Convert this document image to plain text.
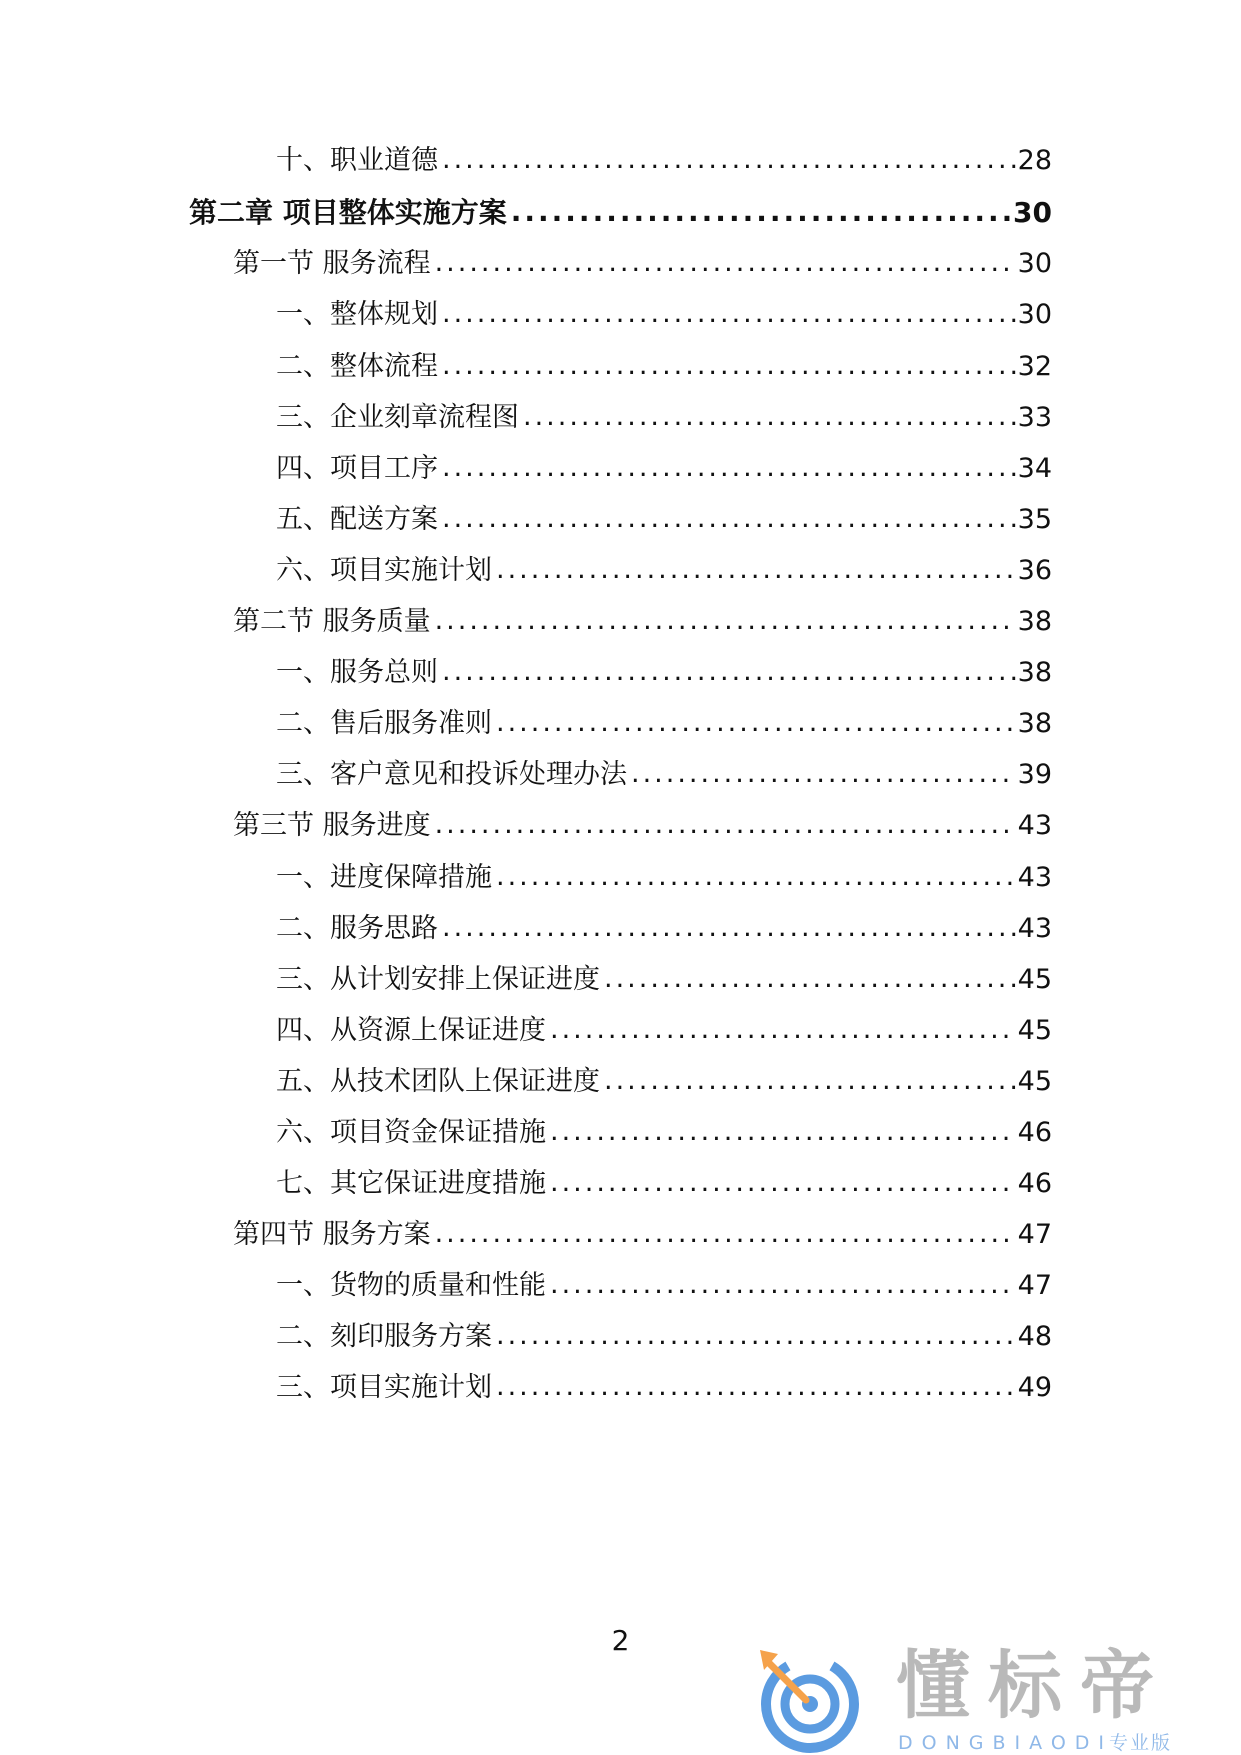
十、职业道德 .....	28
第二章 项目整体实施方案 .....	30
第一节 服务流程 .....	30
一、整体规划 .....	30
二、整体流程 .....	32
三、企业刻章流程图 .....	33
四、项目工序 .....	34
五、配送方案 .....	35
六、项目实施计划 .....	36
第二节 服务质量 .....	38
一、服务总则 .....	38
二、售后服务准则 .....	38
三、客户意见和投诉处理办法 .....	39
第三节 服务进度 .....	43
一、进度保障措施 .....	43
二、服务思路 .....	43
三、从计划安排上保证进度 .....	45
四、从资源上保证进度 .....	45
五、从技术团队上保证进度 .....	45
六、项目资金保证措施 .....	46
七、其它保证进度措施 .....	46
第四节 服务方案 .....	47
一、货物的质量和性能 .....	47
二、刻印服务方案 .....	48
三、项目实施计划 .....	49
2
懂标帝
DONGBIAODI专业版
